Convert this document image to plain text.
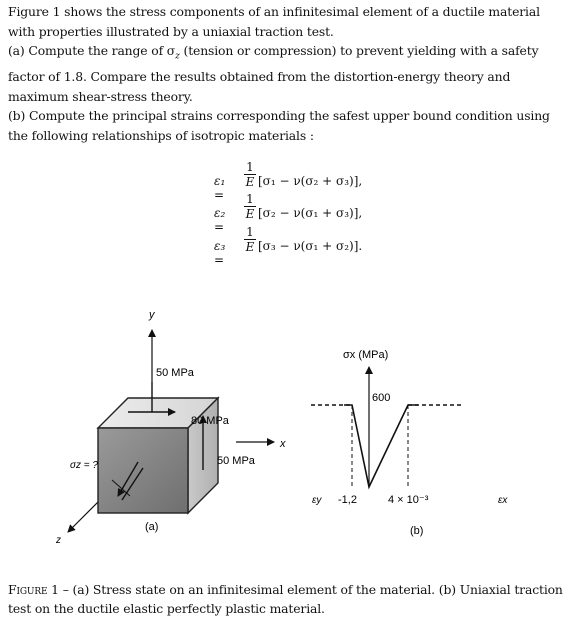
Figure 1 shows the stress components of an infinitesimal element of a ductile material with properties illustrated by a uniaxial traction test.
(a) Compute the range of $\sigma_z$ (tension or compression) to prevent yielding with a safety factor of 1.8. Compare the results obtained from the distortion-energy theory and maximum shear-stress theory.
(b) Compute the principal strains corresponding the safest upper bound condition using the following relationships of isotropic materials :
ε₁ =
$\frac{1}{E} [\sigma_1 - \nu(\sigma_2 + \sigma_3)]$,
ε₂ =
$\frac{1}{E} [\sigma_2 - \nu(\sigma_1 + \sigma_3)]$,
ε₃ =
$\frac{1}{E} [\sigma_3 - \nu(\sigma_1 + \sigma_2)]$.
y
x
z
50 MPa
80 MPa
50 MPa
σz = ?
(a)
σx (MPa)
600
εy -1,2	4 × 10⁻³	εx
(b)
Figure 1 – (a) Stress state on an infinitesimal element of the material. (b) Uniaxial traction test on the ductile elastic perfectly plastic material.
